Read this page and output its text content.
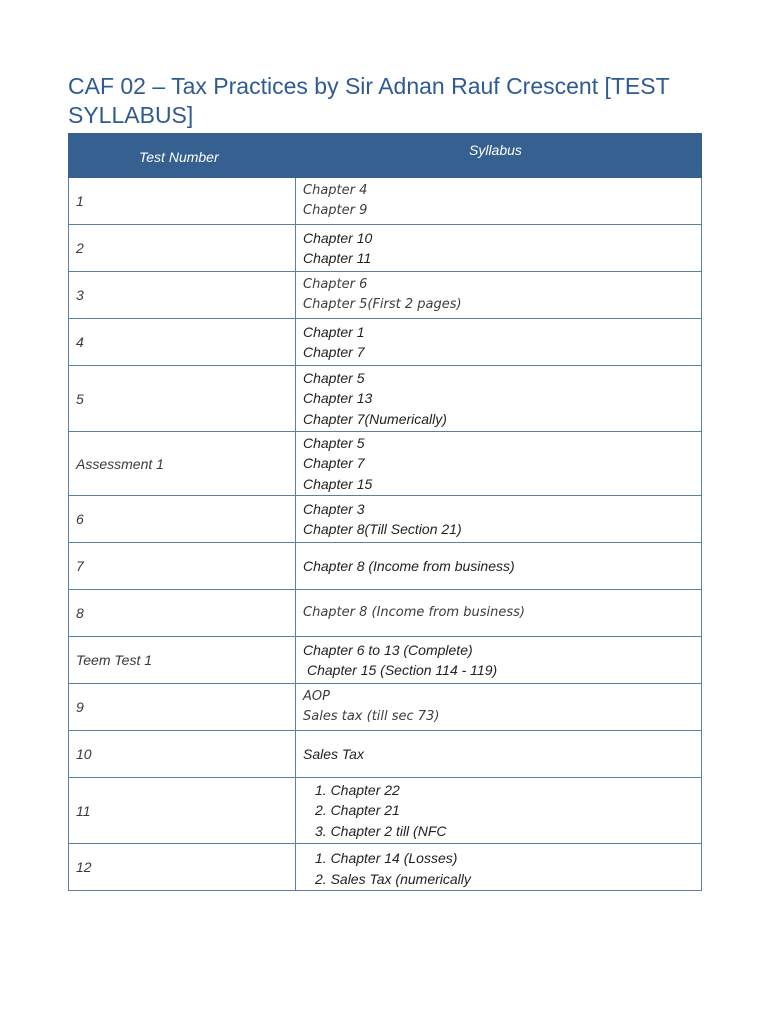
CAF 02 – Tax Practices by Sir Adnan Rauf Crescent [TEST SYLLABUS]
Test Number	Syllabus
1	Chapter 4
Chapter 9

2	Chapter 10
Chapter 11

3	Chapter 6
Chapter 5(First 2 pages)

4	Chapter 1
Chapter 7

5	Chapter 5
Chapter 13
Chapter 7(Numerically)

Assessment 1	Chapter 5
Chapter 7
Chapter 15

6	Chapter 3
Chapter 8(Till Section 21)

7	Chapter 8 (Income from business)

8	Chapter 8 (Income from business)

Teem Test 1	Chapter 6 to 13 (Complete)
Chapter 15 (Section 114 - 119)

9	AOP
Sales tax (till sec 73)

10	Sales Tax

11	1. Chapter 22
2. Chapter 21
3. Chapter 2 till (NFC

12	1. Chapter 14 (Losses)
2. Sales Tax (numerically
